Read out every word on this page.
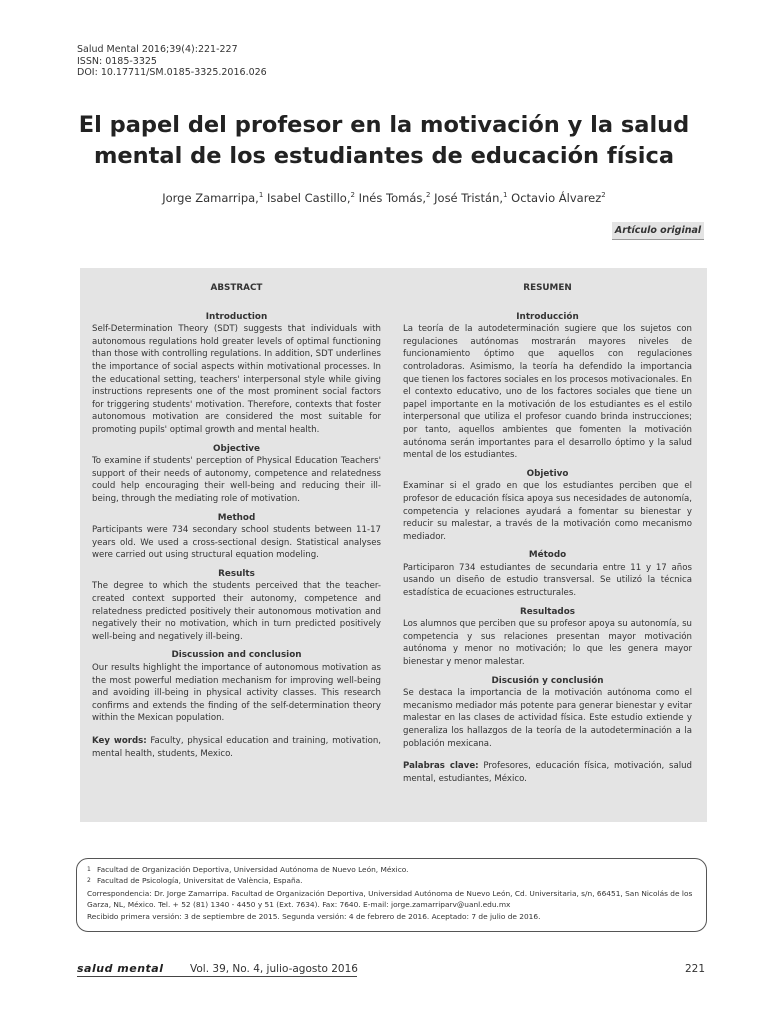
Salud Mental 2016;39(4):221-227
ISSN: 0185-3325
DOI: 10.17711/SM.0185-3325.2016.026
El papel del profesor en la motivación y la salud mental de los estudiantes de educación física
Jorge Zamarripa,$^1$ Isabel Castillo,$^2$ Inés Tomás,$^2$ José Tristán,$^1$ Octavio Álvarez$^2$
Artículo original
ABSTRACT
Introduction

Self-Determination Theory (SDT) suggests that individuals with autonomous regulations hold greater levels of optimal functioning than those with controlling regulations. In addition, SDT underlines the importance of social aspects within motivational processes. In the educational setting, teachers' interpersonal style while giving instructions represents one of the most prominent social factors for triggering students' motivation. Therefore, contexts that foster autonomous motivation are considered the most suitable for promoting pupils' optimal growth and mental health.

Objective

To examine if students' perception of Physical Education Teachers' support of their needs of autonomy, competence and relatedness could help encouraging their well-being and reducing their ill-being, through the mediating role of motivation.

Method

Participants were 734 secondary school students between 11-17 years old. We used a cross-sectional design. Statistical analyses were carried out using structural equation modeling.

Results

The degree to which the students perceived that the teacher-created context supported their autonomy, competence and relatedness predicted positively their autonomous motivation and negatively their no motivation, which in turn predicted positively well-being and negatively ill-being.

Discussion and conclusion

Our results highlight the importance of autonomous motivation as the most powerful mediation mechanism for improving well-being and avoiding ill-being in physical activity classes. This research confirms and extends the finding of the self-determination theory within the Mexican population.

Key words: Faculty, physical education and training, motivation, mental health, students, Mexico.

RESUMEN
Introducción

La teoría de la autodeterminación sugiere que los sujetos con regulaciones autónomas mostrarán mayores niveles de funcionamiento óptimo que aquellos con regulaciones controladoras. Asimismo, la teoría ha defendido la importancia que tienen los factores sociales en los procesos motivacionales. En el contexto educativo, uno de los factores sociales que tiene un papel importante en la motivación de los estudiantes es el estilo interpersonal que utiliza el profesor cuando brinda instrucciones; por tanto, aquellos ambientes que fomenten la motivación autónoma serán importantes para el desarrollo óptimo y la salud mental de los estudiantes.

Objetivo

Examinar si el grado en que los estudiantes perciben que el profesor de educación física apoya sus necesidades de autonomía, competencia y relaciones ayudará a fomentar su bienestar y reducir su malestar, a través de la motivación como mecanismo mediador.

Método

Participaron 734 estudiantes de secundaria entre 11 y 17 años usando un diseño de estudio transversal. Se utilizó la técnica estadística de ecuaciones estructurales.

Resultados

Los alumnos que perciben que su profesor apoya su autonomía, su competencia y sus relaciones presentan mayor motivación autónoma y menor no motivación; lo que les genera mayor bienestar y menor malestar.

Discusión y conclusión

Se destaca la importancia de la motivación autónoma como el mecanismo mediador más potente para generar bienestar y evitar malestar en las clases de actividad física. Este estudio extiende y generaliza los hallazgos de la teoría de la autodeterminación a la población mexicana.

Palabras clave: Profesores, educación física, motivación, salud mental, estudiantes, México.

1 Facultad de Organización Deportiva, Universidad Autónoma de Nuevo León, México.
2 Facultad de Psicología, Universitat de València, España.
Correspondencia: Dr. Jorge Zamarripa. Facultad de Organización Deportiva, Universidad Autónoma de Nuevo León, Cd. Universitaria, s/n, 66451, San Nicolás de los Garza, NL, México. Tel. + 52 (81) 1340 - 4450 y 51 (Ext. 7634). Fax: 7640. E-mail: jorge.zamarriparv@uanl.edu.mx
Recibido primera versión: 3 de septiembre de 2015. Segunda versión: 4 de febrero de 2016. Aceptado: 7 de julio de 2016.
salud mental	Vol. 39, No. 4, julio-agosto 2016	221
